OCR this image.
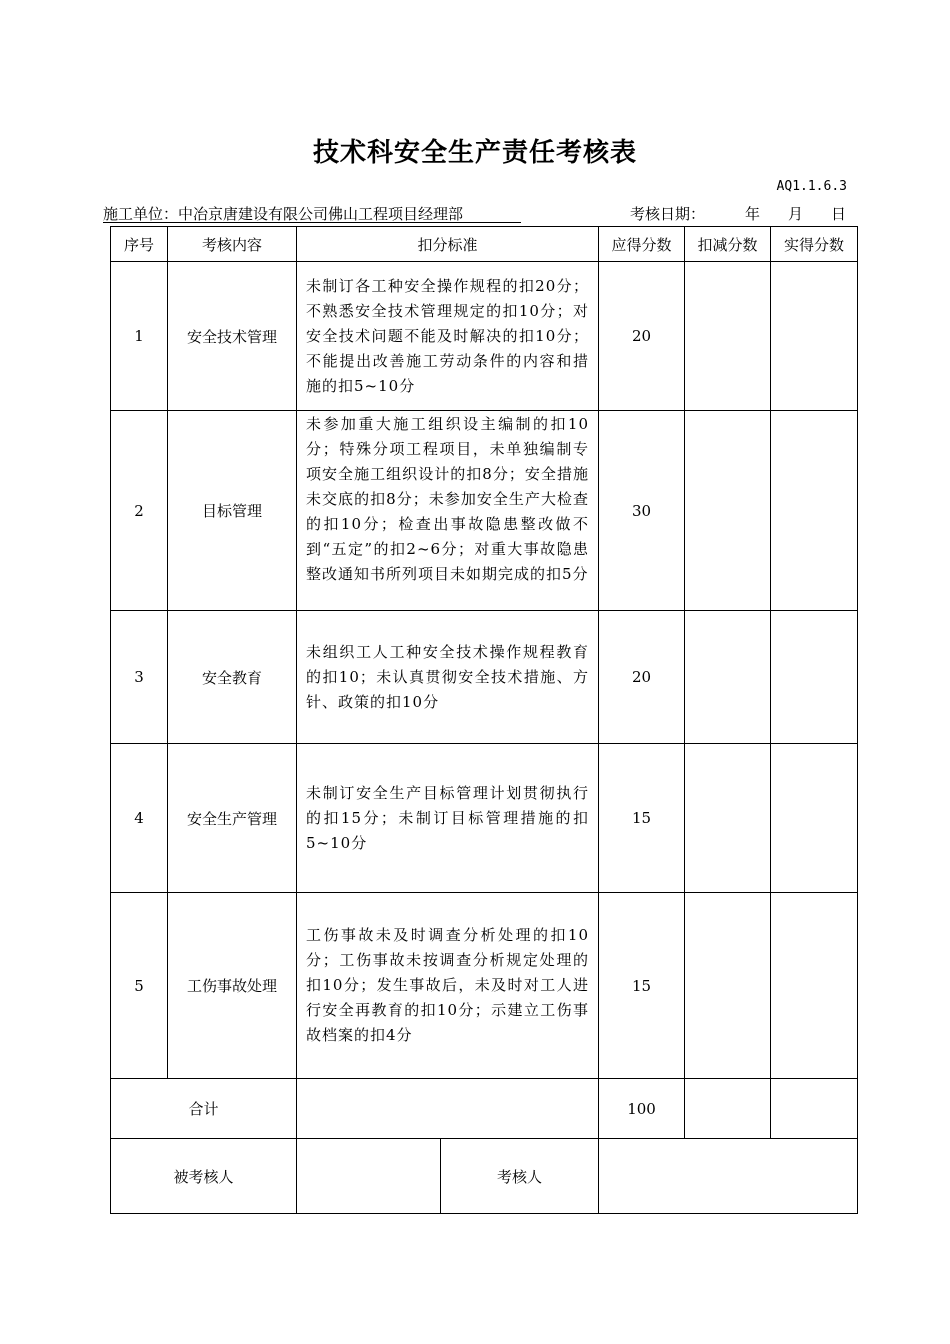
技术科安全生产责任考核表
AQ1.1.6.3
施工单位：中冶京唐建设有限公司佛山工程项目经理部	考核日期：	年 月 日
序号	考核内容	扣分标准		应得分数	扣减分数	实得分数
1	安全技术管理	未制订各工种安全操作规程的扣20分；不熟悉安全技术管理规定的扣10分；对安全技术问题不能及时解决的扣10分；不能提出改善施工劳动条件的内容和措施的扣5~10分		20		
2	目标管理	未参加重大施工组织设主编制的扣10分；特殊分项工程项目，未单独编制专项安全施工组织设计的扣8分；安全措施未交底的扣8分；未参加安全生产大检查的扣10分；检查出事故隐患整改做不到“五定”的扣2~6分；对重大事故隐患整改通知书所列项目未如期完成的扣5分		30		
3	安全教育	未组织工人工种安全技术操作规程教育的扣10；未认真贯彻安全技术措施、方针、政策的扣10分		20		
4	安全生产管理	未制订安全生产目标管理计划贯彻执行的扣15分；未制订目标管理措施的扣5~10分		15		
5	工伤事故处理	工伤事故未及时调查分析处理的扣10分；工伤事故未按调查分析规定处理的扣10分；发生事故后，未及时对工人进行安全再教育的扣10分；示建立工伤事故档案的扣4分		15		
合计				100		
被考核人			考核人			
